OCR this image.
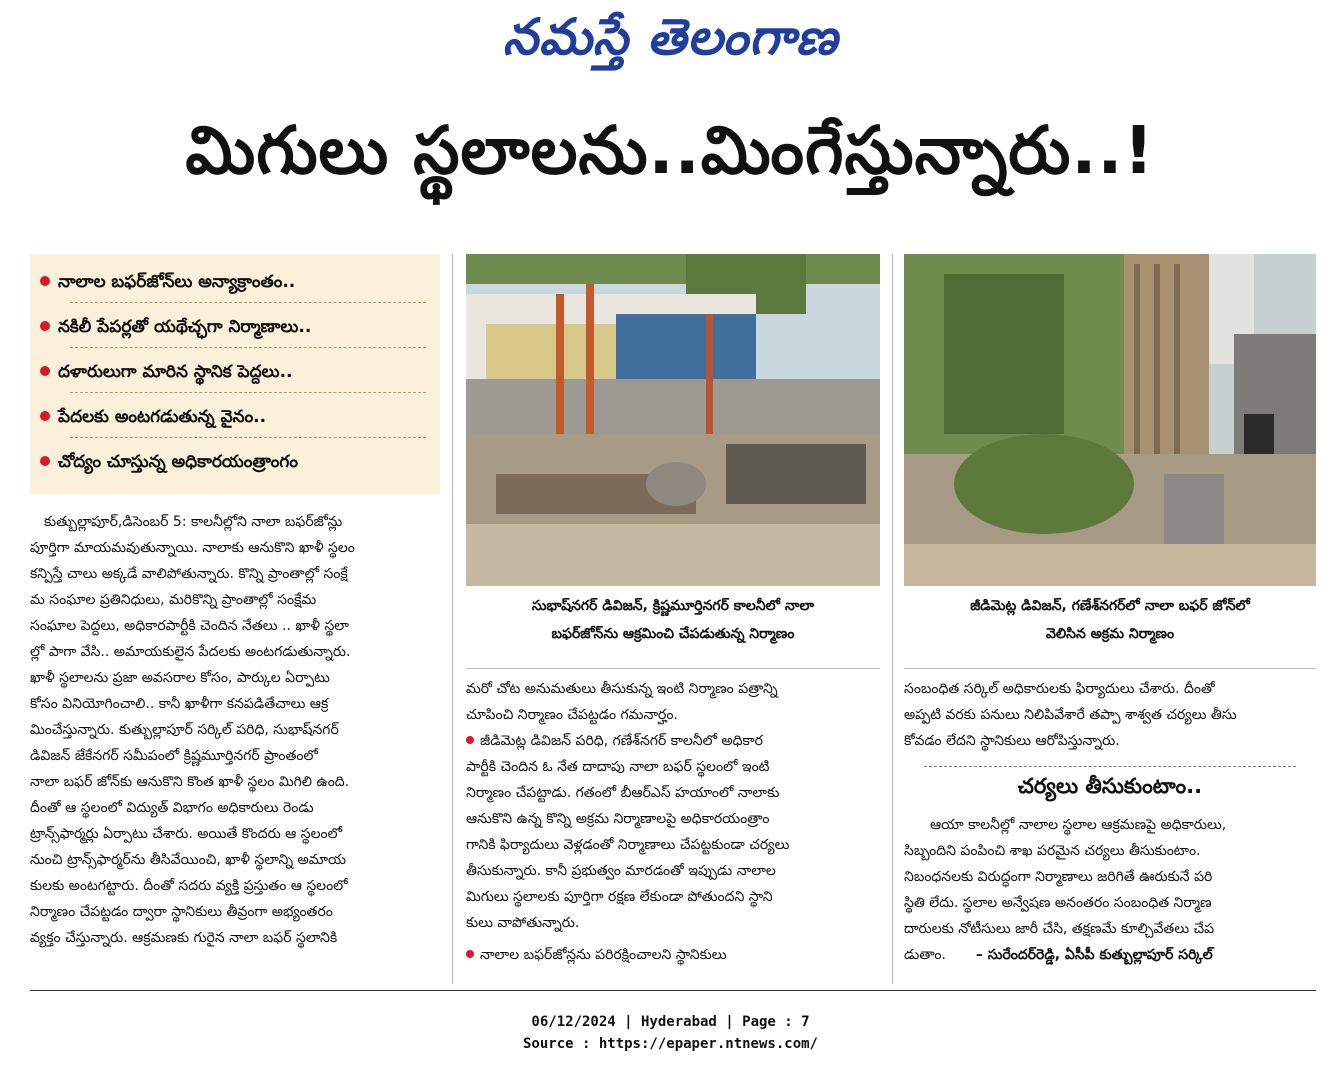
నమస్తే తెలంగాణ
మిగులు స్థలాలను..మింగేస్తున్నారు..!
నాలాల బఫర్‌జోన్‌లు అన్యాక్రాంతం..
నకిలీ పేపర్లతో యథేచ్ఛగా నిర్మాణాలు..
దళారులుగా మారిన స్థానిక పెద్దలు..
పేదలకు అంటగడుతున్న వైనం..
చోద్యం చూస్తున్న అధికారయంత్రాంగం
కుత్బుల్లాపూర్‌,డిసెంబర్‌ 5: కాలనీల్లోని నాలా బఫర్‌జోన్లు
పూర్తిగా మాయమవుతున్నాయి. నాలాకు ఆనుకొని ఖాళీ స్థలం
కన్పిస్తే చాలు అక్కడే వాలిపోతున్నారు. కొన్ని ప్రాంతాల్లో సంక్షే
మ సంఘాల ప్రతినిధులు, మరికొన్ని ప్రాంతాల్లో సంక్షేమ
సంఘాల పెద్దలు, అధికారపార్టీకి చెందిన నేతలు .. ఖాళీ స్థలా
ల్లో పాగా వేసి.. అమాయకులైన పేదలకు అంటగడుతున్నారు.
ఖాళీ స్థలాలను ప్రజా అవసరాల కోసం, పార్కుల ఏర్పాటు
కోసం వినియోగించాలి.. కానీ ఖాళీగా కనపడితేచాలు ఆక్ర
మించేస్తున్నారు. కుత్బుల్లాపూర్‌ సర్కిల్‌ పరిధి, సుభాష్‌నగర్‌
డివిజన్‌ జేకేనగర్‌ సమీపంలో క్రిష్ణమూర్తినగర్‌ ప్రాంతంలో
నాలా బఫర్‌ జోన్‌కు ఆనుకొని కొంత ఖాళీ స్థలం మిగిలి ఉంది.
దీంతో ఆ స్థలంలో విద్యుత్‌ విభాగం అధికారులు రెండు
ట్రాన్స్‌ఫార్మర్లు ఏర్పాటు చేశారు. అయితే కొందరు ఆ స్థలంలో
నుంచి ట్రాన్స్‌ఫార్మర్‌ను తీసివేయించి, ఖాళీ స్థలాన్ని అమాయ
కులకు అంటగట్టారు. దీంతో సదరు వ్యక్తి ప్రస్తుతం ఆ స్థలంలో
నిర్మాణం చేపట్టడం ద్వారా స్థానికులు తీవ్రంగా అభ్యంతరం
వ్యక్తం చేస్తున్నారు. ఆక్రమణకు గురైన నాలా బఫర్‌ స్థలానికి
సుభాష్‌నగర్‌ డివిజన్‌, క్రిష్ణమూర్తినగర్‌ కాలనీలో నాలా
బఫర్‌జోన్‌ను ఆక్రమించి చేపడుతున్న నిర్మాణం
మరో చోట అనుమతులు తీసుకున్న ఇంటి నిర్మాణం పత్రాన్ని
చూపించి నిర్మాణం చేపట్టడం గమనార్హం.
జీడిమెట్ల డివిజన్‌ పరిధి, గణేశ్‌నగర్‌ కాలనీలో అధికార
పార్టీకి చెందిన ఓ నేత దాదాపు నాలా బఫర్‌ స్థలంలో ఇంటి
నిర్మాణం చేపట్టాడు. గతంలో బీఆర్‌ఎస్‌ హయాంలో నాలాకు
ఆనుకొని ఉన్న కొన్ని అక్రమ నిర్మాణాలపై అధికారయంత్రాం
గానికి ఫిర్యాదులు వెళ్లడంతో నిర్మాణాలు చేపట్టకుండా చర్యలు
తీసుకున్నారు. కానీ ప్రభుత్వం మారడంతో ఇప్పుడు నాలాల
మిగులు స్థలాలకు పూర్తిగా రక్షణ లేకుండా పోతుందని స్థాని
కులు వాపోతున్నారు.
నాలాల బఫర్‌జోన్లను పరిరక్షించాలని స్థానికులు
జీడిమెట్ల డివిజన్‌, గణేశ్‌నగర్‌లో నాలా బఫర్‌ జోన్‌లో
వెలిసిన అక్రమ నిర్మాణం
సంబంధిత సర్కిల్‌ అధికారులకు ఫిర్యాదులు చేశారు. దీంతో
అప్పటి వరకు పనులు నిలిపివేశారే తప్పా శాశ్వత చర్యలు తీసు
కోవడం లేదని స్థానికులు ఆరోపిస్తున్నారు.
చర్యలు తీసుకుంటాం..
ఆయా కాలనీల్లో నాలాల స్థలాల ఆక్రమణపై అధికారులు,
సిబ్బందిని పంపించి శాఖ పరమైన చర్యలు తీసుకుంటాం.
నిబంధనలకు విరుద్ధంగా నిర్మాణాలు జరిగితే ఊరుకునే పరి
స్థితి లేదు. స్థలాల అన్వేషణ అనంతరం సంబంధిత నిర్మాణ
దారులకు నోటీసులు జారీ చేసి, తక్షణమే కూల్చివేతలు చేప
డుతాం. – సురేందర్‌రెడ్డి, ఏసీపీ కుత్బుల్లాపూర్‌ సర్కిల్‌
06/12/2024 | Hyderabad | Page : 7
Source : https://epaper.ntnews.com/
